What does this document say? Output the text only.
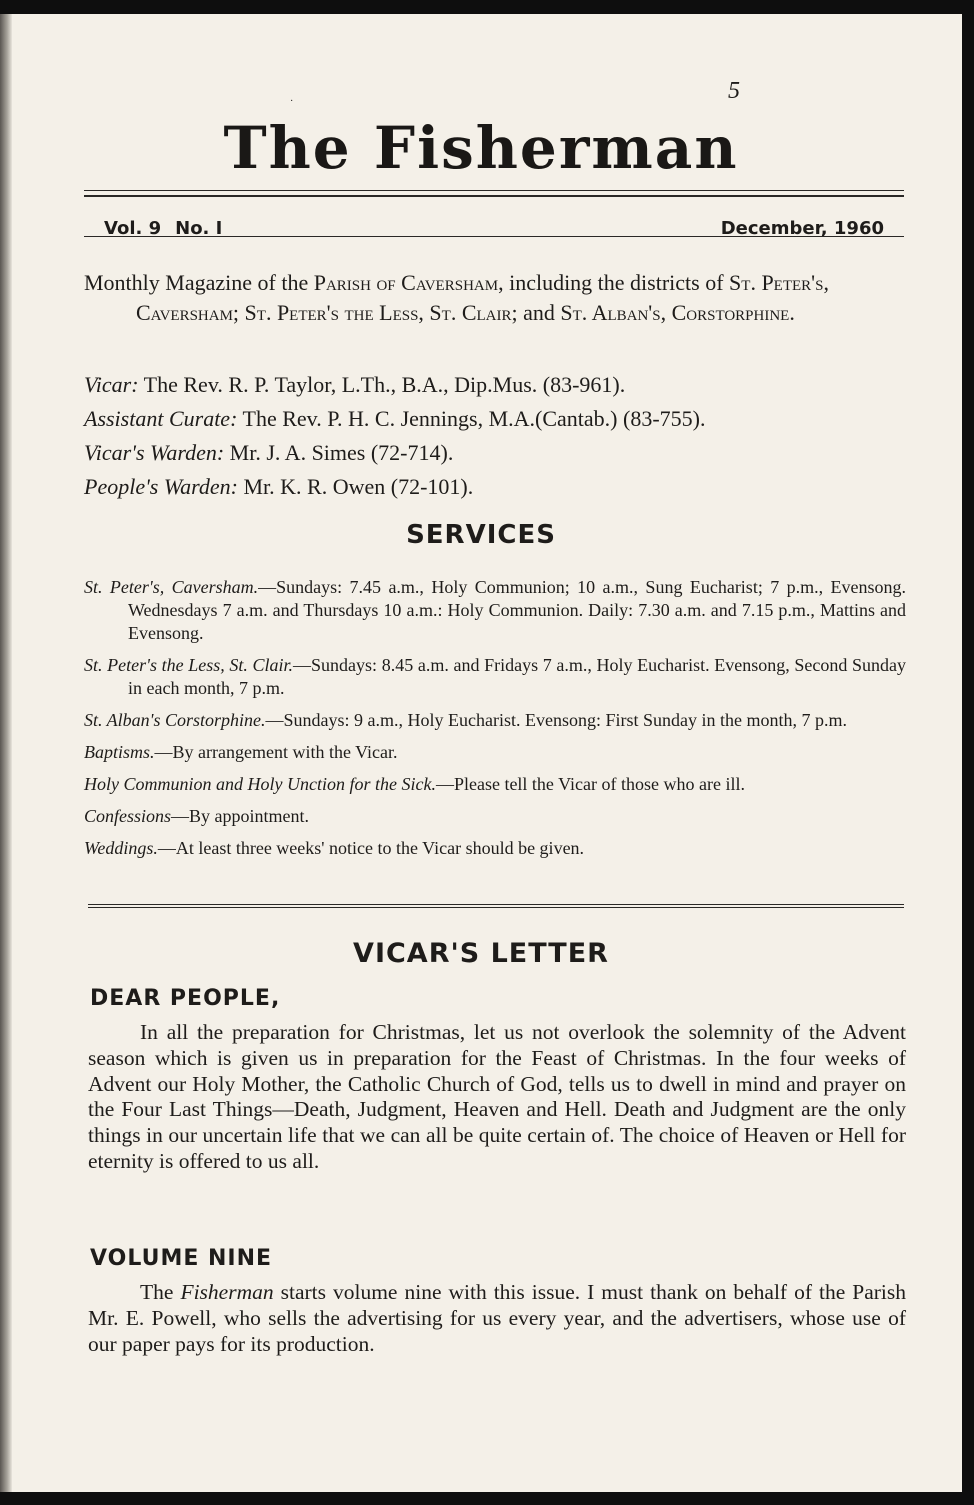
5
·
The Fisherman
Vol. 9 No. I	December, 1960

Monthly Magazine of the Parish of Caversham, including the districts of St. Peter's, Caversham; St. Peter's the Less, St. Clair; and St. Alban's, Corstorphine.

Vicar: The Rev. R. P. Taylor, L.Th., B.A., Dip.Mus. (83-961).
Assistant Curate: The Rev. P. H. C. Jennings, M.A.(Cantab.) (83-755).
Vicar's Warden: Mr. J. A. Simes (72-714).
People's Warden: Mr. K. R. Owen (72-101).
SERVICES

St. Peter's, Caversham.—Sundays: 7.45 a.m., Holy Communion; 10 a.m., Sung Eucharist; 7 p.m., Evensong. Wednesdays 7 a.m. and Thursdays 10 a.m.: Holy Communion. Daily: 7.30 a.m. and 7.15 p.m., Mattins and Evensong.

St. Peter's the Less, St. Clair.—Sundays: 8.45 a.m. and Fridays 7 a.m., Holy Eucharist. Evensong, Second Sunday in each month, 7 p.m.

St. Alban's Corstorphine.—Sundays: 9 a.m., Holy Eucharist. Evensong: First Sunday in the month, 7 p.m.

Baptisms.—By arrangement with the Vicar.

Holy Communion and Holy Unction for the Sick.—Please tell the Vicar of those who are ill.

Confessions—By appointment.

Weddings.—At least three weeks' notice to the Vicar should be given.

VICAR'S LETTER
DEAR PEOPLE,

In all the preparation for Christmas, let us not overlook the solemnity of the Advent season which is given us in preparation for the Feast of Christmas. In the four weeks of Advent our Holy Mother, the Catholic Church of God, tells us to dwell in mind and prayer on the Four Last Things—Death, Judgment, Heaven and Hell. Death and Judgment are the only things in our uncertain life that we can all be quite certain of. The choice of Heaven or Hell for eternity is offered to us all.

VOLUME NINE

The Fisherman starts volume nine with this issue. I must thank on behalf of the Parish Mr. E. Powell, who sells the advertising for us every year, and the advertisers, whose use of our paper pays for its production.
